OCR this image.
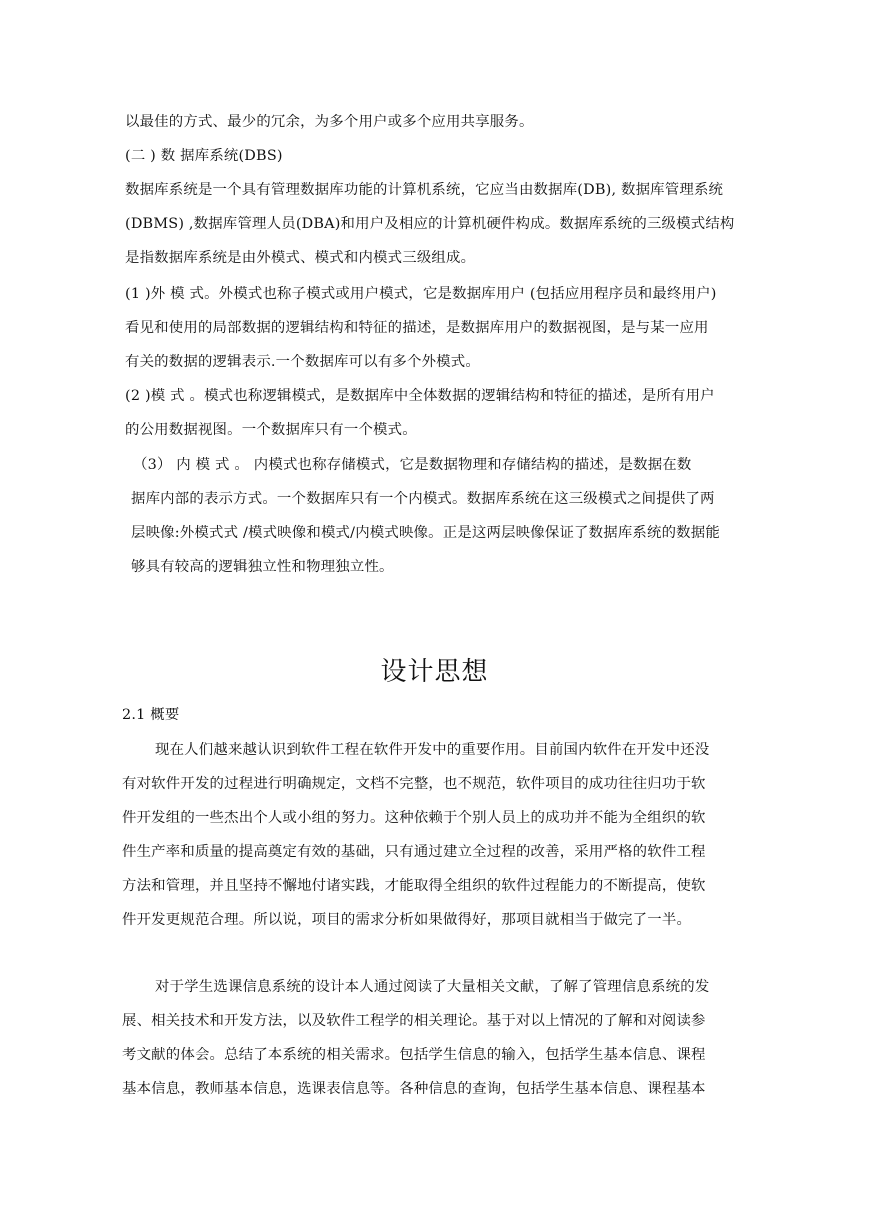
以最佳的方式、最少的冗余，为多个用户或多个应用共享服务。
(二 ) 数 据库系统(DBS)
数据库系统是一个具有管理数据库功能的计算机系统，它应当由数据库(DB), 数据库管理系统
(DBMS) ,数据库管理人员(DBA)和用户及相应的计算机硬件构成。数据库系统的三级模式结构
是指数据库系统是由外模式、模式和内模式三级组成。
(1 )外 模 式。外模式也称子模式或用户模式，它是数据库用户 (包括应用程序员和最终用户)
看见和使用的局部数据的逻辑结构和特征的描述，是数据库用户的数据视图，是与某一应用
有关的数据的逻辑表示.一个数据库可以有多个外模式。
(2 )模 式 。模式也称逻辑模式，是数据库中全体数据的逻辑结构和特征的描述，是所有用户
的公用数据视图。一个数据库只有一个模式。
（3） 内 模 式 。 内模式也称存储模式，它是数据物理和存储结构的描述，是数据在数
据库内部的表示方式。一个数据库只有一个内模式。数据库系统在这三级模式之间提供了两
层映像:外模式式 /模式映像和模式/内模式映像。正是这两层映像保证了数据库系统的数据能
够具有较高的逻辑独立性和物理独立性。
设计思想
2.1 概要
现在人们越来越认识到软件工程在软件开发中的重要作用。目前国内软件在开发中还没
有对软件开发的过程进行明确规定，文档不完整，也不规范，软件项目的成功往往归功于软
件开发组的一些杰出个人或小组的努力。这种依赖于个别人员上的成功并不能为全组织的软
件生产率和质量的提高奠定有效的基础，只有通过建立全过程的改善，采用严格的软件工程
方法和管理，并且坚持不懈地付诸实践，才能取得全组织的软件过程能力的不断提高，使软
件开发更规范合理。所以说，项目的需求分析如果做得好，那项目就相当于做完了一半。
对于学生选课信息系统的设计本人通过阅读了大量相关文献，了解了管理信息系统的发
展、相关技术和开发方法，以及软件工程学的相关理论。基于对以上情况的了解和对阅读参
考文献的体会。总结了本系统的相关需求。包括学生信息的输入，包括学生基本信息、课程
基本信息，教师基本信息，选课表信息等。各种信息的查询，包括学生基本信息、课程基本
